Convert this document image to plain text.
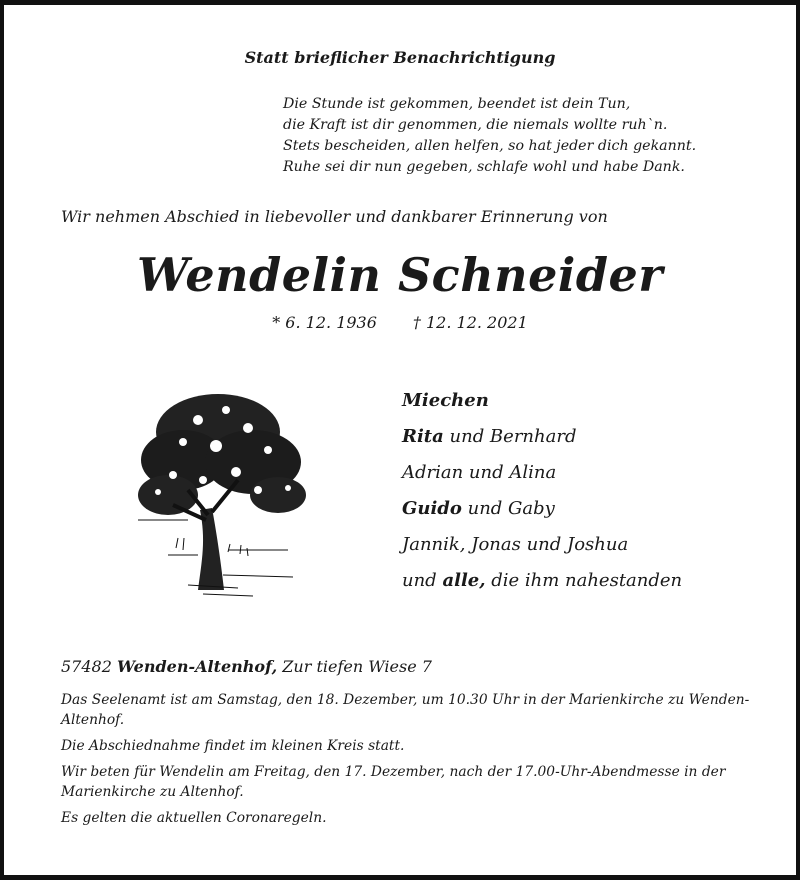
Statt brieflicher Benachrichtigung
Die Stunde ist gekommen, beendet ist dein Tun,
die Kraft ist dir genommen, die niemals wollte ruh`n.
Stets bescheiden, allen helfen, so hat jeder dich gekannt.
Ruhe sei dir nun gegeben, schlafe wohl und habe Dank.
Wir nehmen Abschied in liebevoller und dankbarer Erinnerung von
Wendelin Schneider
* 6. 12. 1936 † 12. 12. 2021
Miechen
Rita und Bernhard
Adrian und Alina
Guido und Gaby
Jannik, Jonas und Joshua
und alle, die ihm nahestanden
57482 Wenden-Altenhof, Zur tiefen Wiese 7

Das Seelenamt ist am Samstag, den 18. Dezember, um 10.30 Uhr in der Marienkirche zu Wenden-Altenhof.

Die Abschiednahme findet im kleinen Kreis statt.

Wir beten für Wendelin am Freitag, den 17. Dezember, nach der 17.00-Uhr-Abendmesse in der Marienkirche zu Altenhof.

Es gelten die aktuellen Coronaregeln.
